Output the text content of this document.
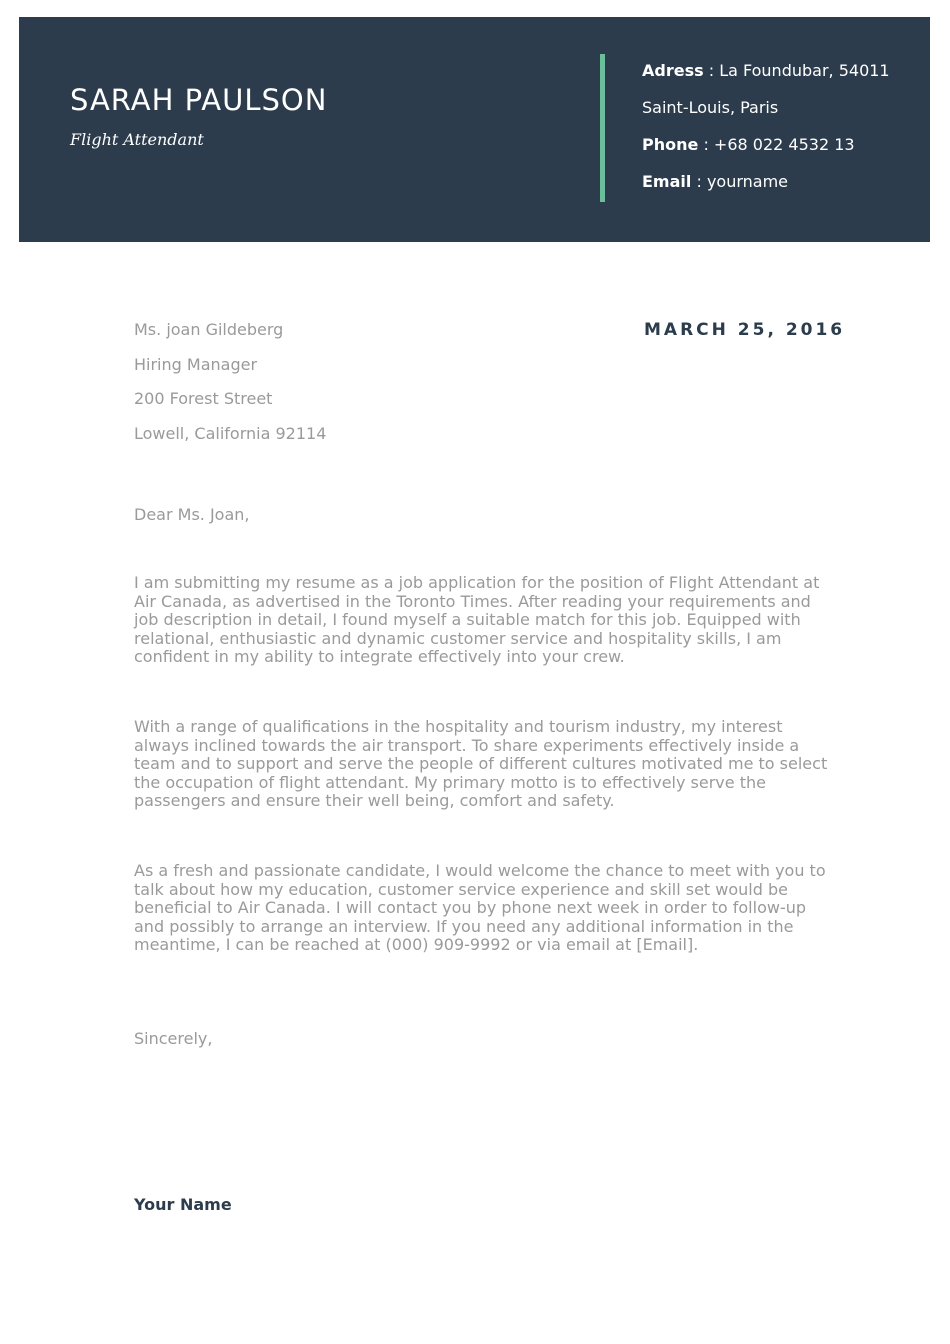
SARAH PAULSON
Flight Attendant
Adress : La Foundubar, 54011
Saint-Louis, Paris
Phone : +68 022 4532 13
Email : yourname
Ms. joan Gildeberg
Hiring Manager
200 Forest Street
Lowell, California 92114
MARCH 25, 2016
Dear Ms. Joan,

I am submitting my resume as a job application for the position of Flight Attendant at Air Canada, as advertised in the Toronto Times. After reading your requirements and job description in detail, I found myself a suitable match for this job. Equipped with relational, enthusiastic and dynamic customer service and hospitality skills, I am confident in my ability to integrate effectively into your crew.

With a range of qualifications in the hospitality and tourism industry, my interest always inclined towards the air transport. To share experiments effectively inside a team and to support and serve the people of different cultures motivated me to select the occupation of flight attendant. My primary motto is to effectively serve the passengers and ensure their well being, comfort and safety.

As a fresh and passionate candidate, I would welcome the chance to meet with you to talk about how my education, customer service experience and skill set would be beneficial to Air Canada. I will contact you by phone next week in order to follow-up and possibly to arrange an interview. If you need any additional information in the meantime, I can be reached at (000) 909-9992 or via email at [Email].

Sincerely,
Your Name
